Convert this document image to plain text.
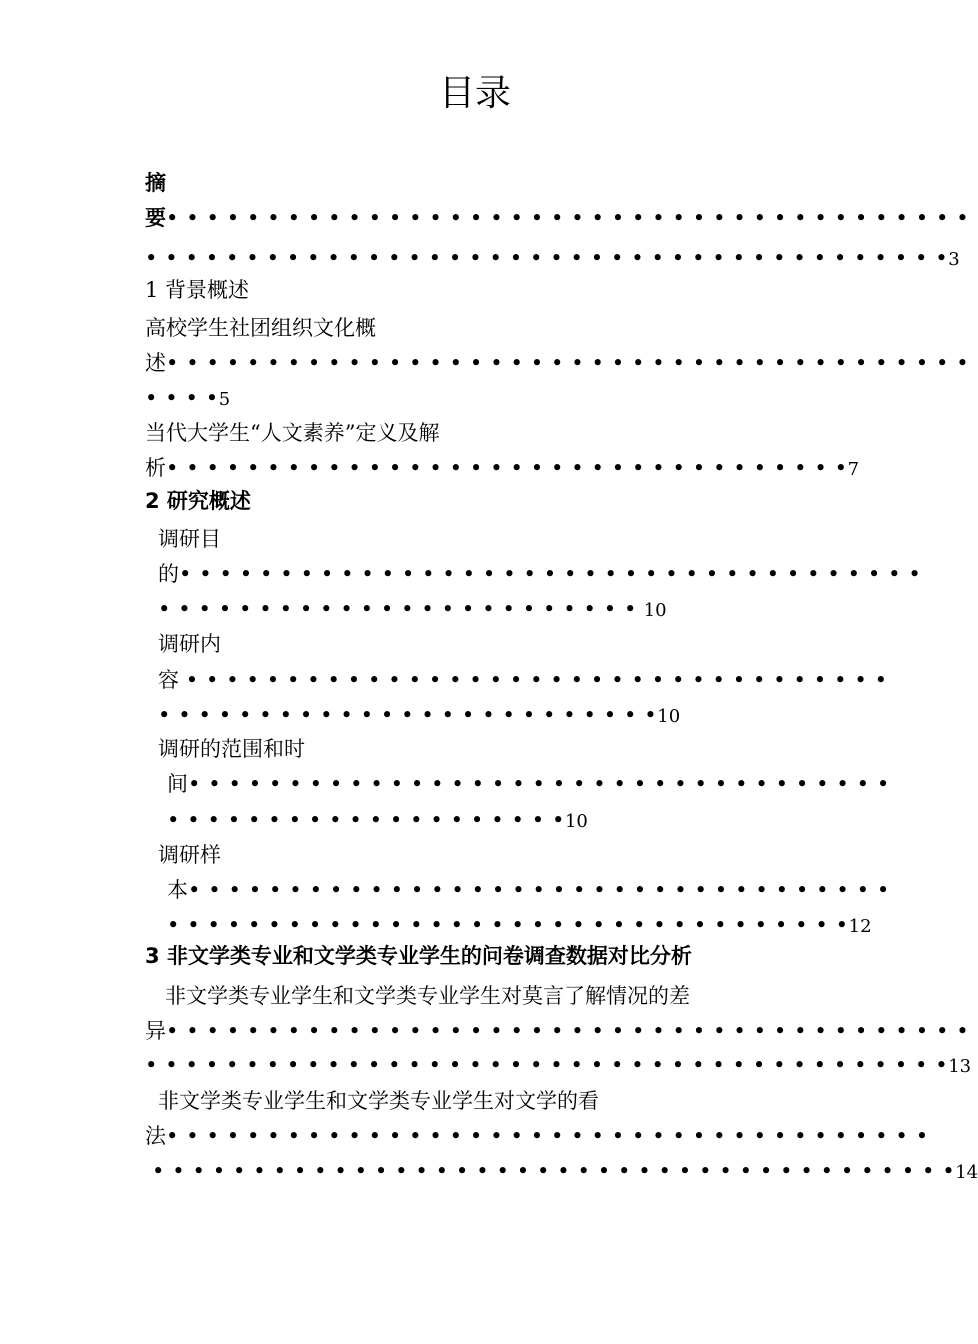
目录
摘
要• • • • • • • • • • • • • • • • • • • • • • • • • • • • • • • • • • • • • • • •
• • • • • • • • • • • • • • • • • • • • • • • • • • • • • • • • • • • • • • • •3
1 背景概述
高校学生社团组织文化概
述• • • • • • • • • • • • • • • • • • • • • • • • • • • • • • • • • • • • • • • •
• • • •5
当代大学生“人文素养”定义及解
析• • • • • • • • • • • • • • • • • • • • • • • • • • • • • • • • • •7
2 研究概述
调研目
的• • • • • • • • • • • • • • • • • • • • • • • • • • • • • • • • • • • • •
• • • • • • • • • • • • • • • • • • • • • • • • 10
调研内
容 • • • • • • • • • • • • • • • • • • • • • • • • • • • • • • • • • • •
• • • • • • • • • • • • • • • • • • • • • • • • •10
调研的范围和时
间• • • • • • • • • • • • • • • • • • • • • • • • • • • • • • • • • • •
• • • • • • • • • • • • • • • • • • • •10
调研样
本• • • • • • • • • • • • • • • • • • • • • • • • • • • • • • • • • • •
• • • • • • • • • • • • • • • • • • • • • • • • • • • • • • • • • •12
3 非文学类专业和文学类专业学生的问卷调查数据对比分析
非文学类专业学生和文学类专业学生对莫言了解情况的差
异• • • • • • • • • • • • • • • • • • • • • • • • • • • • • • • • • • • • • • • •
• • • • • • • • • • • • • • • • • • • • • • • • • • • • • • • • • • • • • • • •13
非文学类专业学生和文学类专业学生对文学的看
法• • • • • • • • • • • • • • • • • • • • • • • • • • • • • • • • • • • • • •
• • • • • • • • • • • • • • • • • • • • • • • • • • • • • • • • • • • • • • • •14
